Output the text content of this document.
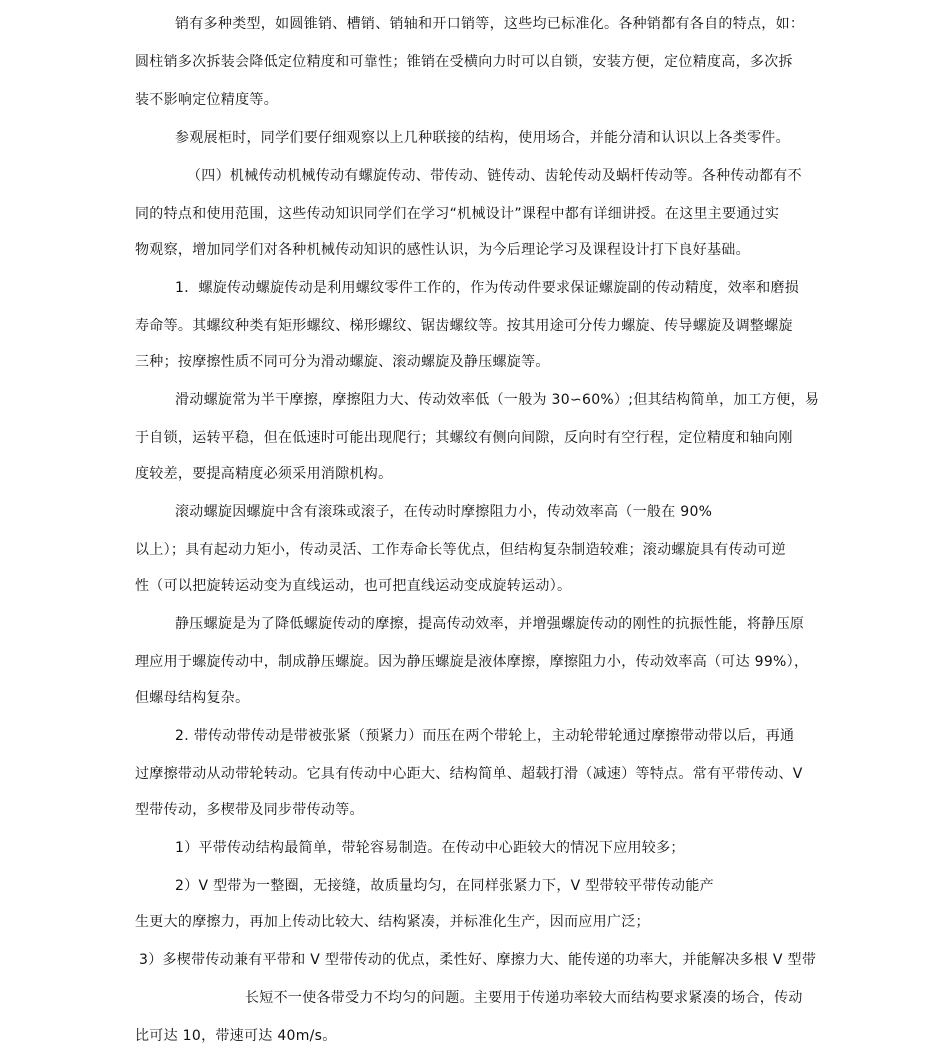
销有多种类型，如圆锥销、槽销、销轴和开口销等，这些均已标准化。各种销都有各自的特点，如：
圆柱销多次拆装会降低定位精度和可靠性；锥销在受横向力时可以自锁，安装方便，定位精度高，多次拆
装不影响定位精度等。
参观展柜时，同学们要仔细观察以上几种联接的结构，使用场合，并能分清和认识以上各类零件。
（四）机械传动机械传动有螺旋传动、带传动、链传动、齿轮传动及蜗杆传动等。各种传动都有不
同的特点和使用范围，这些传动知识同学们在学习“机械设计”课程中都有详细讲授。在这里主要通过实
物观察，增加同学们对各种机械传动知识的感性认识，为今后理论学习及课程设计打下良好基础。
1．螺旋传动螺旋传动是利用螺纹零件工作的，作为传动件要求保证螺旋副的传动精度，效率和磨损
寿命等。其螺纹种类有矩形螺纹、梯形螺纹、锯齿螺纹等。按其用途可分传力螺旋、传导螺旋及调整螺旋
三种；按摩擦性质不同可分为滑动螺旋、滚动螺旋及静压螺旋等。
滑动螺旋常为半干摩擦，摩擦阻力大、传动效率低（一般为 30∽60%）;但其结构简单，加工方便，易
于自锁，运转平稳，但在低速时可能出现爬行；其螺纹有侧向间隙，反向时有空行程，定位精度和轴向刚
度较差，要提高精度必须采用消隙机构。
滚动螺旋因螺旋中含有滚珠或滚子，在传动时摩擦阻力小，传动效率高（一般在 90%
以上）；具有起动力矩小，传动灵活、工作寿命长等优点，但结构复杂制造较难；滚动螺旋具有传动可逆
性（可以把旋转运动变为直线运动，也可把直线运动变成旋转运动）。
静压螺旋是为了降低螺旋传动的摩擦，提高传动效率，并增强螺旋传动的刚性的抗振性能，将静压原
理应用于螺旋传动中，制成静压螺旋。因为静压螺旋是液体摩擦，摩擦阻力小，传动效率高（可达 99%），
但螺母结构复杂。
2. 带传动带传动是带被张紧（预紧力）而压在两个带轮上，主动轮带轮通过摩擦带动带以后，再通
过摩擦带动从动带轮转动。它具有传动中心距大、结构简单、超载打滑（减速）等特点。常有平带传动、V
型带传动，多楔带及同步带传动等。
1）平带传动结构最简单，带轮容易制造。在传动中心距较大的情况下应用较多；
2）V 型带为一整圈，无接缝，故质量均匀，在同样张紧力下，V 型带较平带传动能产
生更大的摩擦力，再加上传动比较大、结构紧凑，并标准化生产，因而应用广泛；
3）多楔带传动兼有平带和 V 型带传动的优点，柔性好、摩擦力大、能传递的功率大，并能解决多根 V 型带
长短不一使各带受力不均匀的问题。主要用于传递功率较大而结构要求紧凑的场合，传动
比可达 10，带速可达 40m/s。
